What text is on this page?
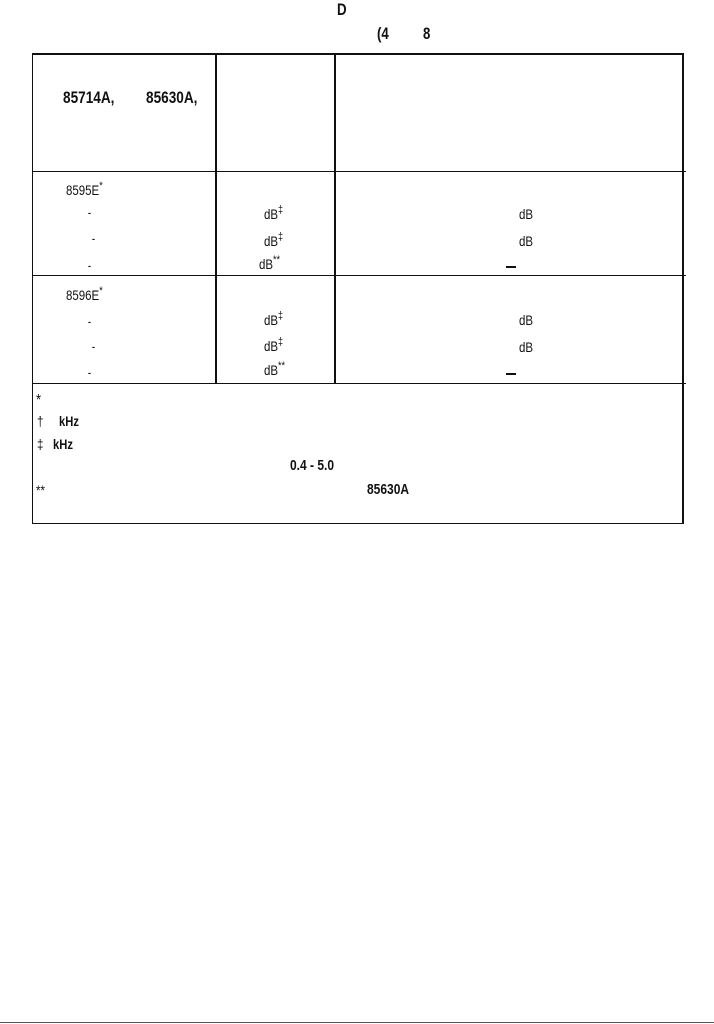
D
(4 8
85714A, 85630A,
8595E*
-	dB‡	dB
-	dB‡	dB
-	dB**
8596E*
-	dB‡	dB
-	dB‡	dB
-	dB**
*
† kHz
‡ kHz
0.4 - 5.0
**	85630A
